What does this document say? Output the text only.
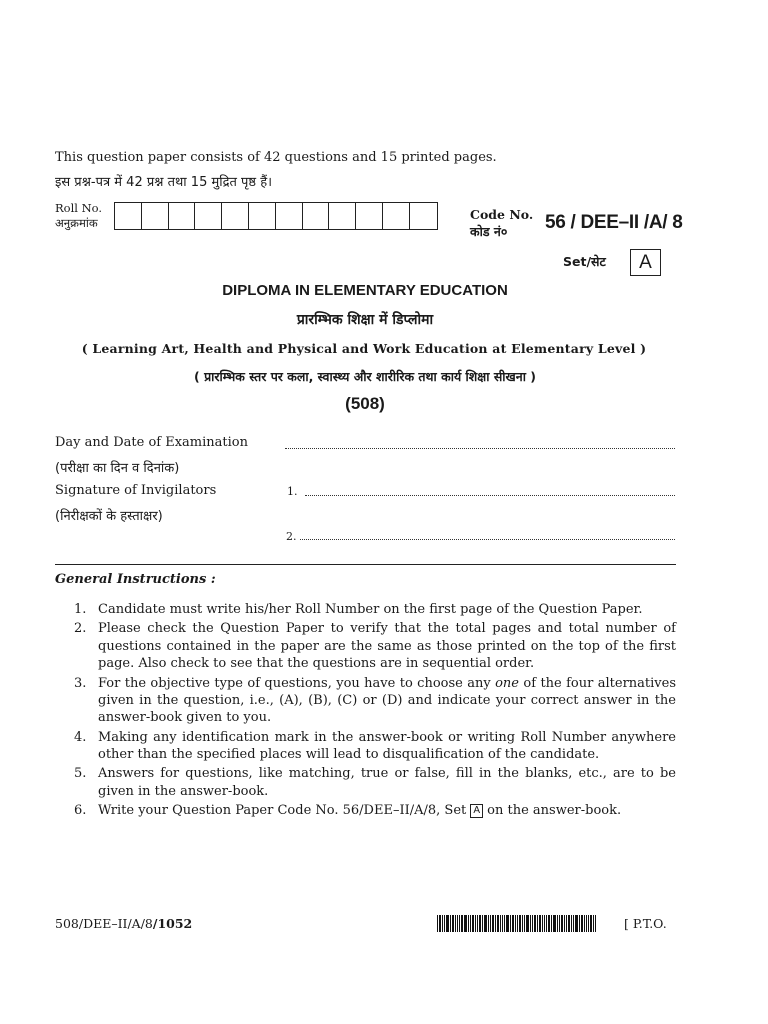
This question paper consists of 42 questions and 15 printed pages.
इस प्रश्न-पत्र में 42 प्रश्न तथा 15 मुद्रित पृष्ठ हैं।
Roll No.
अनुक्रमांक
Code No.
कोड नं०	56 / DEE–II /A/ 8
Set/सेट	A
DIPLOMA IN ELEMENTARY EDUCATION
प्रारम्भिक शिक्षा में डिप्लोमा
( Learning Art, Health and Physical and Work Education at Elementary Level )
( प्रारम्भिक स्तर पर कला, स्वास्थ्य और शारीरिक तथा कार्य शिक्षा सीखना )
(508)
Day and Date of Examination
(परीक्षा का दिन व दिनांक)
Signature of Invigilators	1.
(निरीक्षकों के हस्ताक्षर)
2.
General Instructions :
1. Candidate must write his/her Roll Number on the first page of the Question Paper.
2. Please check the Question Paper to verify that the total pages and total number of questions contained in the paper are the same as those printed on the top of the first page. Also check to see that the questions are in sequential order.
3. For the objective type of questions, you have to choose any one of the four alternatives given in the question, i.e., (A), (B), (C) or (D) and indicate your correct answer in the answer-book given to you.
4. Making any identification mark in the answer-book or writing Roll Number anywhere other than the specified places will lead to disqualification of the candidate.
5. Answers for questions, like matching, true or false, fill in the blanks, etc., are to be given in the answer-book.
6. Write your Question Paper Code No. 56/DEE–II/A/8, Set A on the answer-book.
508/DEE–II/A/8/1052	[ P.T.O.
